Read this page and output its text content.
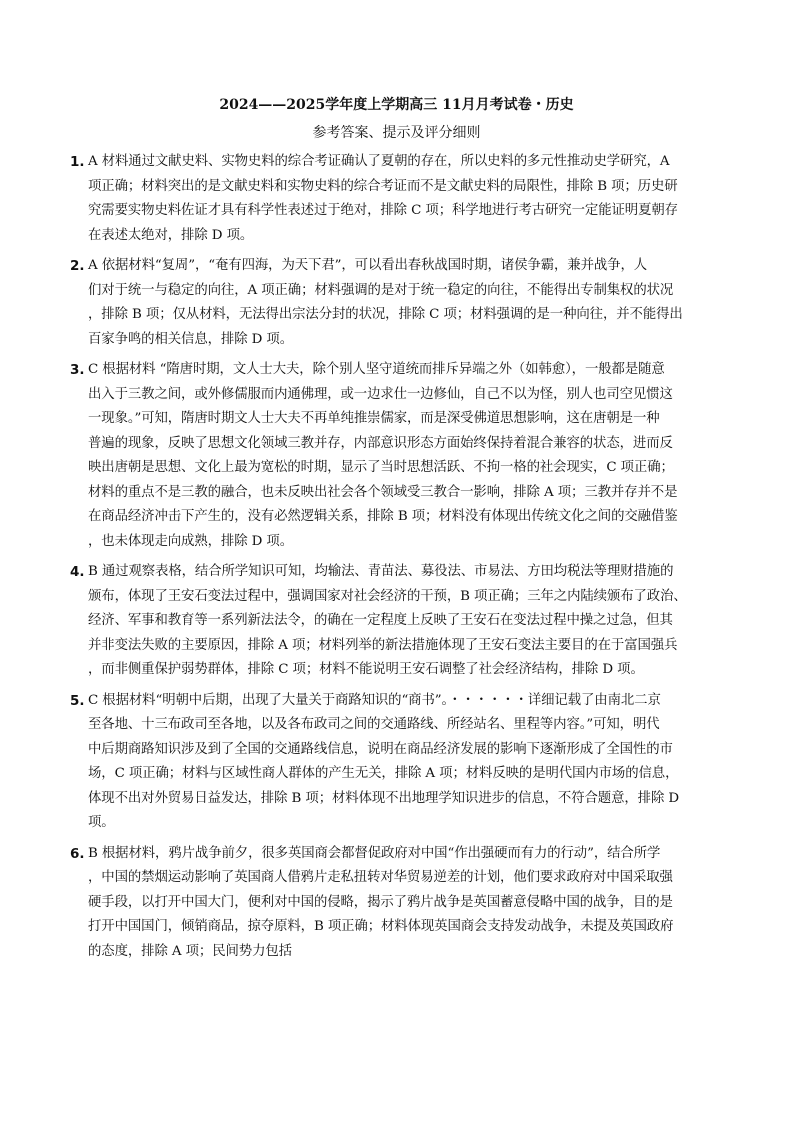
2024——2025学年度上学期高三 11月月考试卷・历史
参考答案、提示及评分细则
1. A 材料通过文献史料、实物史料的综合考证确认了夏朝的存在，所以史料的多元性推动史学研究，A
项正确；材料突出的是文献史料和实物史料的综合考证而不是文献史料的局限性，排除 B 项；历史研
究需要实物史料佐证才具有科学性表述过于绝对，排除 C 项；科学地进行考古研究一定能证明夏朝存
在表述太绝对，排除 D 项。
2. A 依据材料“复周”，“奄有四海，为天下君”，可以看出春秋战国时期，诸侯争霸，兼并战争，人
们对于统一与稳定的向往，A 项正确；材料强调的是对于统一稳定的向往，不能得出专制集权的状况
，排除 B 项；仅从材料，无法得出宗法分封的状况，排除 C 项；材料强调的是一种向往，并不能得出
百家争鸣的相关信息，排除 D 项。
3. C 根据材料 “隋唐时期，文人士大夫，除个别人坚守道统而排斥异端之外（如韩愈），一般都是随意
出入于三教之间，或外修儒服而内通佛理，或一边求仕一边修仙，自己不以为怪，别人也司空见惯这
一现象。”可知，隋唐时期文人士大夫不再单纯推崇儒家，而是深受佛道思想影响，这在唐朝是一种
普遍的现象，反映了思想文化领域三教并存，内部意识形态方面始终保持着混合兼容的状态，进而反
映出唐朝是思想、文化上最为宽松的时期，显示了当时思想活跃、不拘一格的社会现实，C 项正确；
材料的重点不是三教的融合，也未反映出社会各个领域受三教合一影响，排除 A 项；三教并存并不是
在商品经济冲击下产生的，没有必然逻辑关系，排除 B 项；材料没有体现出传统文化之间的交融借鉴
，也未体现走向成熟，排除 D 项。
4. B 通过观察表格，结合所学知识可知，均输法、青苗法、募役法、市易法、方田均税法等理财措施的
颁布，体现了王安石变法过程中，强调国家对社会经济的干预，B 项正确；三年之内陆续颁布了政治、
经济、军事和教育等一系列新法法令，的确在一定程度上反映了王安石在变法过程中操之过急，但其
并非变法失败的主要原因，排除 A 项；材料列举的新法措施体现了王安石变法主要目的在于富国强兵
，而非侧重保护弱势群体，排除 C 项；材料不能说明王安石调整了社会经济结构，排除 D 项。
5. C 根据材料“明朝中后期，出现了大量关于商路知识的“商书”。・・・・・・详细记载了由南北二京
至各地、十三布政司至各地，以及各布政司之间的交通路线、所经站名、里程等内容。”可知，明代
中后期商路知识涉及到了全国的交通路线信息，说明在商品经济发展的影响下逐渐形成了全国性的市
场，C 项正确；材料与区域性商人群体的产生无关，排除 A 项；材料反映的是明代国内市场的信息，
体现不出对外贸易日益发达，排除 B 项；材料体现不出地理学知识进步的信息，不符合题意，排除 D
项。
6. B 根据材料，鸦片战争前夕，很多英国商会都督促政府对中国“作出强硬而有力的行动”，结合所学
，中国的禁烟运动影响了英国商人借鸦片走私扭转对华贸易逆差的计划，他们要求政府对中国采取强
硬手段，以打开中国大门，便利对中国的侵略，揭示了鸦片战争是英国蓄意侵略中国的战争，目的是
打开中国国门，倾销商品，掠夺原料，B 项正确；材料体现英国商会支持发动战争，未提及英国政府
的态度，排除 A 项；民间势力包括
